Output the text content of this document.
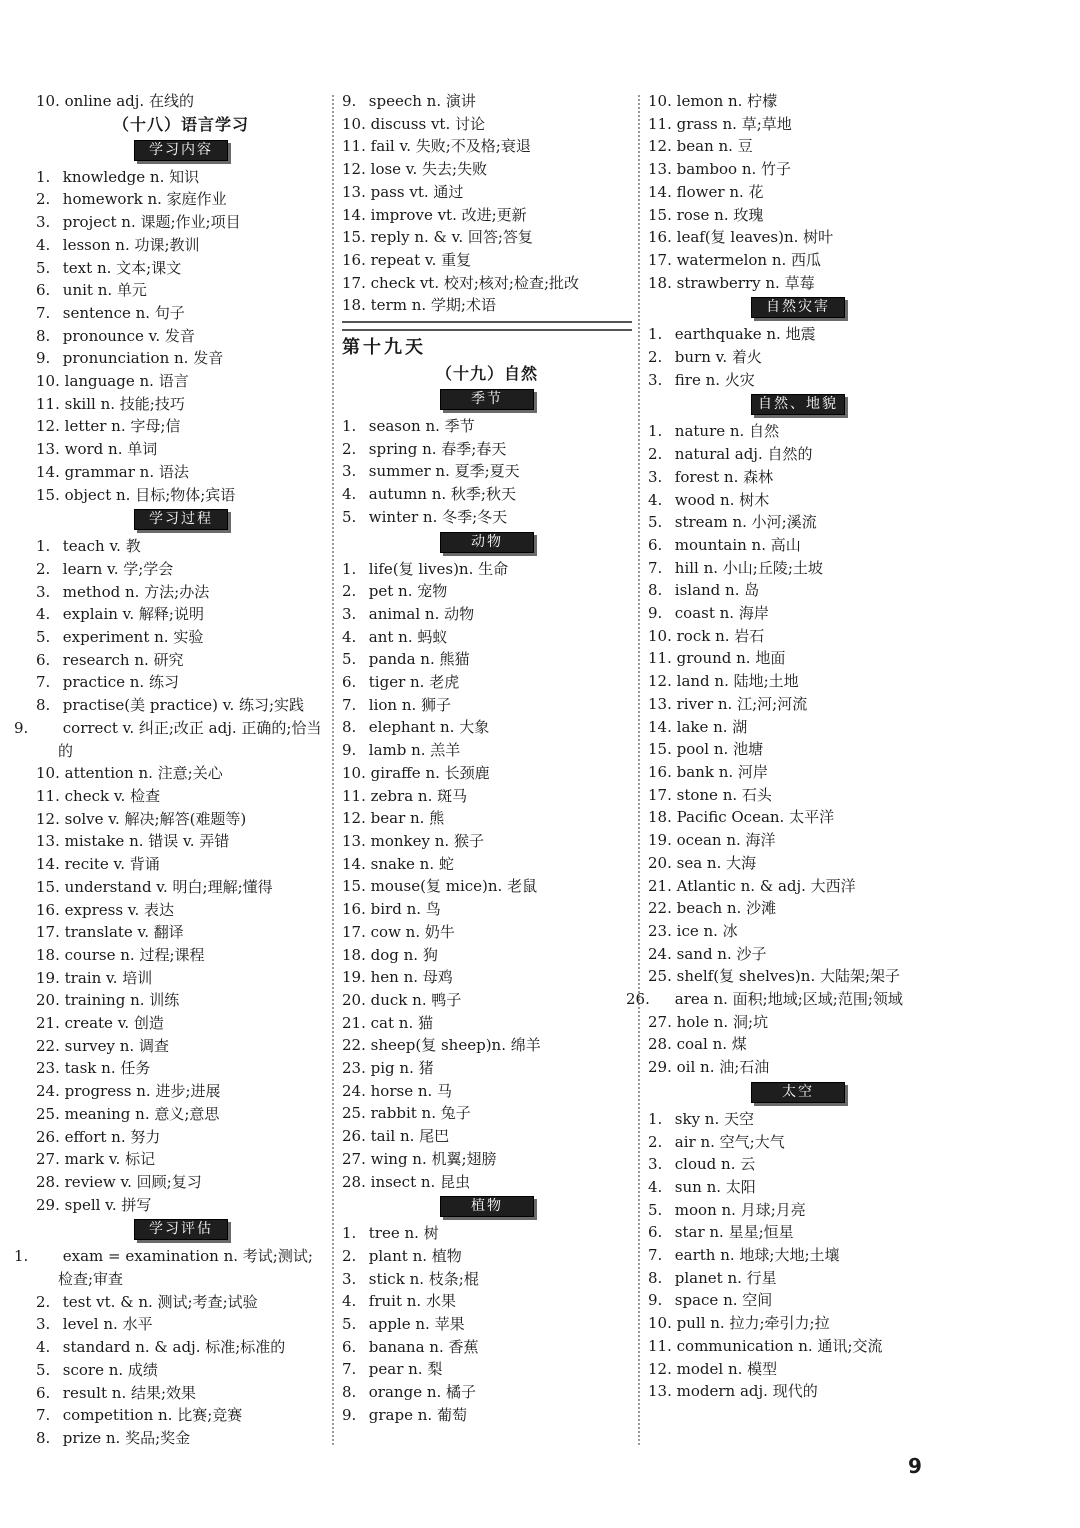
10. online adj. 在线的
（十八）语言学习
学习内容
1. knowledge n. 知识
2. homework n. 家庭作业
3. project n. 课题;作业;项目
4. lesson n. 功课;教训
5. text n. 文本;课文
6. unit n. 单元
7. sentence n. 句子
8. pronounce v. 发音
9. pronunciation n. 发音
10. language n. 语言
11. skill n. 技能;技巧
12. letter n. 字母;信
13. word n. 单词
14. grammar n. 语法
15. object n. 目标;物体;宾语
学习过程
1. teach v. 教
2. learn v. 学;学会
3. method n. 方法;办法
4. explain v. 解释;说明
5. experiment n. 实验
6. research n. 研究
7. practice n. 练习
8. practise(美 practice) v. 练习;实践
9. correct v. 纠正;改正 adj. 正确的;恰当的
10. attention n. 注意;关心
11. check v. 检查
12. solve v. 解决;解答(难题等)
13. mistake n. 错误 v. 弄错
14. recite v. 背诵
15. understand v. 明白;理解;懂得
16. express v. 表达
17. translate v. 翻译
18. course n. 过程;课程
19. train v. 培训
20. training n. 训练
21. create v. 创造
22. survey n. 调查
23. task n. 任务
24. progress n. 进步;进展
25. meaning n. 意义;意思
26. effort n. 努力
27. mark v. 标记
28. review v. 回顾;复习
29. spell v. 拼写
学习评估
1. exam = examination n. 考试;测试;检查;审查
2. test vt. & n. 测试;考查;试验
3. level n. 水平
4. standard n. & adj. 标准;标准的
5. score n. 成绩
6. result n. 结果;效果
7. competition n. 比赛;竞赛
8. prize n. 奖品;奖金
9. speech n. 演讲
10. discuss vt. 讨论
11. fail v. 失败;不及格;衰退
12. lose v. 失去;失败
13. pass vt. 通过
14. improve vt. 改进;更新
15. reply n. & v. 回答;答复
16. repeat v. 重复
17. check vt. 校对;核对;检查;批改
18. term n. 学期;术语
第十九天
（十九）自然
季节
1. season n. 季节
2. spring n. 春季;春天
3. summer n. 夏季;夏天
4. autumn n. 秋季;秋天
5. winter n. 冬季;冬天
动物
1. life(复 lives)n. 生命
2. pet n. 宠物
3. animal n. 动物
4. ant n. 蚂蚁
5. panda n. 熊猫
6. tiger n. 老虎
7. lion n. 狮子
8. elephant n. 大象
9. lamb n. 羔羊
10. giraffe n. 长颈鹿
11. zebra n. 斑马
12. bear n. 熊
13. monkey n. 猴子
14. snake n. 蛇
15. mouse(复 mice)n. 老鼠
16. bird n. 鸟
17. cow n. 奶牛
18. dog n. 狗
19. hen n. 母鸡
20. duck n. 鸭子
21. cat n. 猫
22. sheep(复 sheep)n. 绵羊
23. pig n. 猪
24. horse n. 马
25. rabbit n. 兔子
26. tail n. 尾巴
27. wing n. 机翼;翅膀
28. insect n. 昆虫
植物
1. tree n. 树
2. plant n. 植物
3. stick n. 枝条;棍
4. fruit n. 水果
5. apple n. 苹果
6. banana n. 香蕉
7. pear n. 梨
8. orange n. 橘子
9. grape n. 葡萄
10. lemon n. 柠檬
11. grass n. 草;草地
12. bean n. 豆
13. bamboo n. 竹子
14. flower n. 花
15. rose n. 玫瑰
16. leaf(复 leaves)n. 树叶
17. watermelon n. 西瓜
18. strawberry n. 草莓
自然灾害
1. earthquake n. 地震
2. burn v. 着火
3. fire n. 火灾
自然、地貌
1. nature n. 自然
2. natural adj. 自然的
3. forest n. 森林
4. wood n. 树木
5. stream n. 小河;溪流
6. mountain n. 高山
7. hill n. 小山;丘陵;土坡
8. island n. 岛
9. coast n. 海岸
10. rock n. 岩石
11. ground n. 地面
12. land n. 陆地;土地
13. river n. 江;河;河流
14. lake n. 湖
15. pool n. 池塘
16. bank n. 河岸
17. stone n. 石头
18. Pacific Ocean. 太平洋
19. ocean n. 海洋
20. sea n. 大海
21. Atlantic n. & adj. 大西洋
22. beach n. 沙滩
23. ice n. 冰
24. sand n. 沙子
25. shelf(复 shelves)n. 大陆架;架子
26. area n. 面积;地域;区域;范围;领域
27. hole n. 洞;坑
28. coal n. 煤
29. oil n. 油;石油
太空
1. sky n. 天空
2. air n. 空气;大气
3. cloud n. 云
4. sun n. 太阳
5. moon n. 月球;月亮
6. star n. 星星;恒星
7. earth n. 地球;大地;土壤
8. planet n. 行星
9. space n. 空间
10. pull n. 拉力;牵引力;拉
11. communication n. 通讯;交流
12. model n. 模型
13. modern adj. 现代的
9
